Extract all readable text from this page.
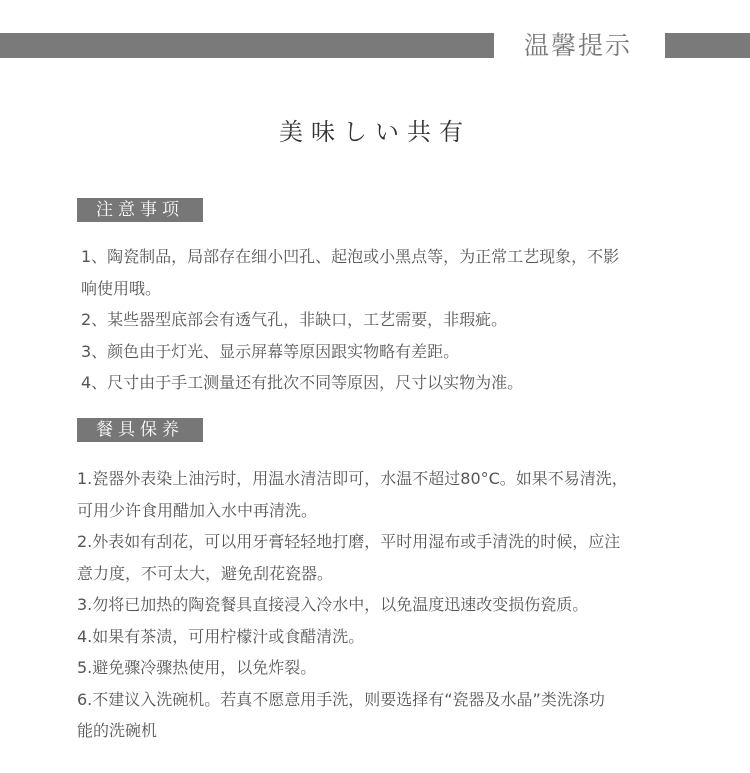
温馨提示
美味しい共有
注意事项
1、陶瓷制品，局部存在细小凹孔、起泡或小黑点等，为正常工艺现象，不影
响使用哦。
2、某些器型底部会有透气孔，非缺口，工艺需要，非瑕疵。
3、颜色由于灯光、显示屏幕等原因跟实物略有差距。
4、尺寸由于手工测量还有批次不同等原因，尺寸以实物为准。
餐具保养
1.瓷器外表染上油污时，用温水清洁即可，水温不超过80°C。如果不易清洗，
可用少许食用醋加入水中再清洗。
2.外表如有刮花，可以用牙膏轻轻地打磨，平时用湿布或手清洗的时候，应注
意力度，不可太大，避免刮花瓷器。
3.勿将已加热的陶瓷餐具直接浸入冷水中，以免温度迅速改变损伤瓷质。
4.如果有茶渍，可用柠檬汁或食醋清洗。
5.避免骤冷骤热使用，以免炸裂。
6.不建议入洗碗机。若真不愿意用手洗，则要选择有“瓷器及水晶”类洗涤功
能的洗碗机
